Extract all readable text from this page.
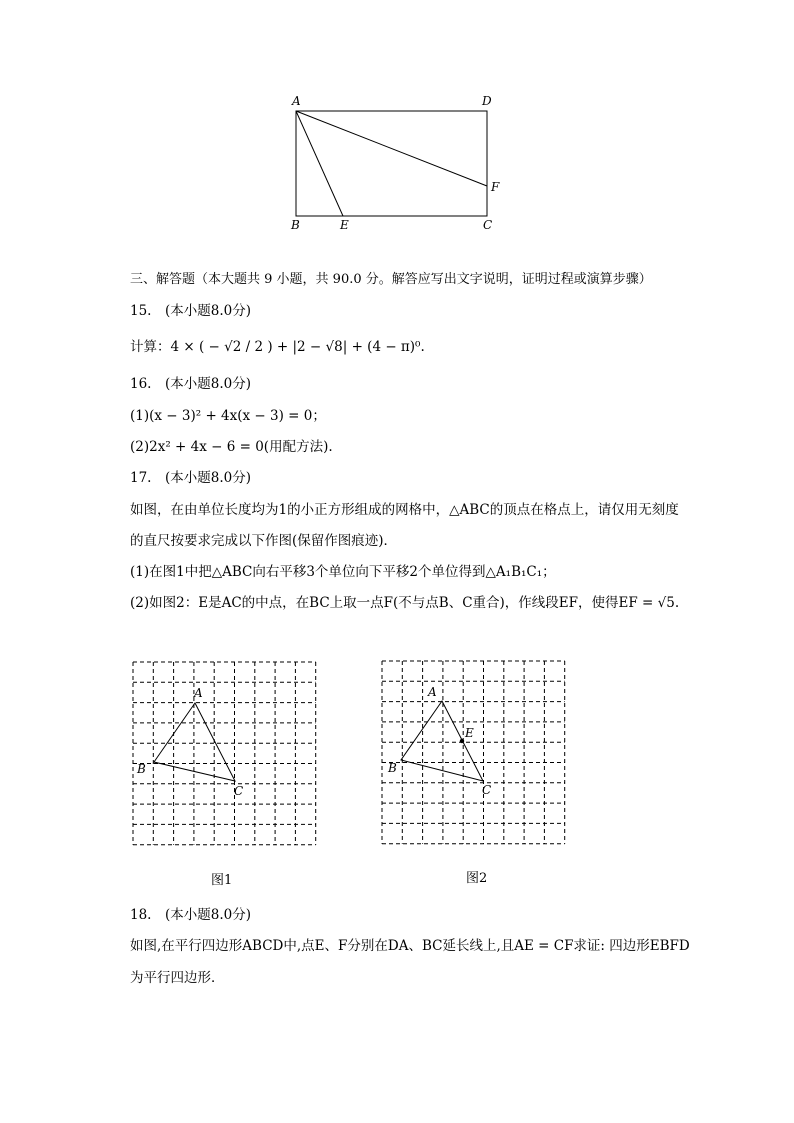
A	D
F
B	E	C
三、解答题（本大题共 9 小题，共 90.0 分。解答应写出文字说明，证明过程或演算步骤）
15.　(本小题8.0分)
计算：4 × ( − √2 / 2 ) + |2 − √8| + (4 − π)⁰.
16.　(本小题8.0分)
(1)(x − 3)² + 4x(x − 3) = 0；
(2)2x² + 4x − 6 = 0(用配方法).
17.　(本小题8.0分)
如图，在由单位长度均为1的小正方形组成的网格中，△ABC的顶点在格点上，请仅用无刻度
的直尺按要求完成以下作图(保留作图痕迹)．
(1)在图1中把△ABC向右平移3个单位向下平移2个单位得到△A₁B₁C₁；
(2)如图2：E是AC的中点，在BC上取一点F(不与点B、C重合)，作线段EF，使得EF = √5.
A
B
C
图1
A
E
B
C
图2
18.　(本小题8.0分)
如图,在平行四边形ABCD中,点E、F分别在DA、BC延长线上,且AE = CF求证: 四边形EBFD
为平行四边形．
